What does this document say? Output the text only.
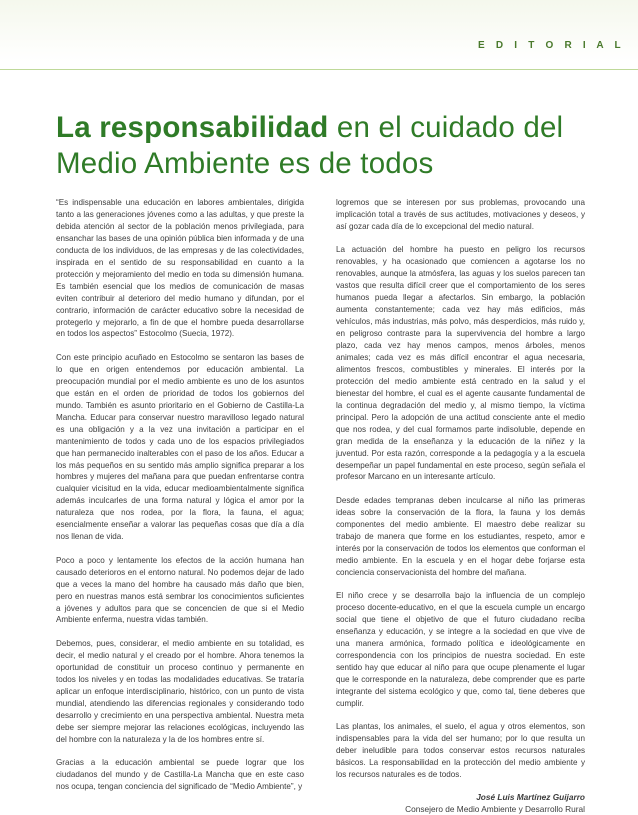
E D I T O R I A L
La responsabilidad en el cuidado del Medio Ambiente es de todos

“Es indispensable una educación en labores ambientales, dirigida tanto a las generaciones jóvenes como a las adultas, y que preste la debida atención al sector de la población menos privilegiada, para ensanchar las bases de una opinión pública bien informada y de una conducta de los individuos, de las empresas y de las colectividades, inspirada en el sentido de su responsabilidad en cuanto a la protección y mejoramiento del medio en toda su dimensión humana. Es también esencial que los medios de comunicación de masas eviten contribuir al deterioro del medio humano y difundan, por el contrario, información de carácter educativo sobre la necesidad de protegerlo y mejorarlo, a fin de que el hombre pueda desarrollarse en todos los aspectos” Estocolmo (Suecia, 1972).

Con este principio acuñado en Estocolmo se sentaron las bases de lo que en origen entendemos por educación ambiental. La preocupación mundial por el medio ambiente es uno de los asuntos que están en el orden de prioridad de todos los gobiernos del mundo. También es asunto prioritario en el Gobierno de Castilla-La Mancha. Educar para conservar nuestro maravilloso legado natural es una obligación y a la vez una invitación a participar en el mantenimiento de todos y cada uno de los espacios privilegiados que han permanecido inalterables con el paso de los años. Educar a los más pequeños en su sentido más amplio significa preparar a los hombres y mujeres del mañana para que puedan enfrentarse contra cualquier vicisitud en la vida, educar medioambientalmente significa además inculcarles de una forma natural y lógica el amor por la naturaleza que nos rodea, por la flora, la fauna, el agua; esencialmente enseñar a valorar las pequeñas cosas que día a día nos llenan de vida.

Poco a poco y lentamente los efectos de la acción humana han causado deterioros en el entorno natural. No podemos dejar de lado que a veces la mano del hombre ha causado más daño que bien, pero en nuestras manos está sembrar los conocimientos suficientes a jóvenes y adultos para que se concencien de que si el Medio Ambiente enferma, nuestra vidas también.

Debemos, pues, considerar, el medio ambiente en su totalidad, es decir, el medio natural y el creado por el hombre. Ahora tenemos la oportunidad de constituir un proceso continuo y permanente en todos los niveles y en todas las modalidades educativas. Se trataría aplicar un enfoque interdisciplinario, histórico, con un punto de vista mundial, atendiendo las diferencias regionales y considerando todo desarrollo y crecimiento en una perspectiva ambiental. Nuestra meta debe ser siempre mejorar las relaciones ecológicas, incluyendo las del hombre con la naturaleza y la de los hombres entre sí.

Gracias a la educación ambiental se puede lograr que los ciudadanos del mundo y de Castilla-La Mancha que en este caso nos ocupa, tengan conciencia del significado de “Medio Ambiente”, y

logremos que se interesen por sus problemas, provocando una implicación total a través de sus actitudes, motivaciones y deseos, y así gozar cada día de lo excepcional del medio natural.

La actuación del hombre ha puesto en peligro los recursos renovables, y ha ocasionado que comiencen a agotarse los no renovables, aunque la atmósfera, las aguas y los suelos parecen tan vastos que resulta difícil creer que el comportamiento de los seres humanos pueda llegar a afectarlos. Sin embargo, la población aumenta constantemente; cada vez hay más edificios, más vehículos, más industrias, más polvo, más desperdicios, más ruido y, en peligroso contraste para la supervivencia del hombre a largo plazo, cada vez hay menos campos, menos árboles, menos animales; cada vez es más difícil encontrar el agua necesaria, alimentos frescos, combustibles y minerales. El interés por la protección del medio ambiente está centrado en la salud y el bienestar del hombre, el cual es el agente causante fundamental de la continua degradación del medio y, al mismo tiempo, la víctima principal. Pero la adopción de una actitud consciente ante el medio que nos rodea, y del cual formamos parte indisoluble, depende en gran medida de la enseñanza y la educación de la niñez y la juventud. Por esta razón, corresponde a la pedagogía y a la escuela desempeñar un papel fundamental en este proceso, según señala el profesor Marcano en un interesante artículo.

Desde edades tempranas deben inculcarse al niño las primeras ideas sobre la conservación de la flora, la fauna y los demás componentes del medio ambiente. El maestro debe realizar su trabajo de manera que forme en los estudiantes, respeto, amor e interés por la conservación de todos los elementos que conforman el medio ambiente. En la escuela y en el hogar debe forjarse esta conciencia conservacionista del hombre del mañana.

El niño crece y se desarrolla bajo la influencia de un complejo proceso docente-educativo, en el que la escuela cumple un encargo social que tiene el objetivo de que el futuro ciudadano reciba enseñanza y educación, y se integre a la sociedad en que vive de una manera armónica, formado política e ideológicamente en correspondencia con los principios de nuestra sociedad. En este sentido hay que educar al niño para que ocupe plenamente el lugar que le corresponde en la naturaleza, debe comprender que es parte integrante del sistema ecológico y que, como tal, tiene deberes que cumplir.

Las plantas, los animales, el suelo, el agua y otros elementos, son indispensables para la vida del ser humano; por lo que resulta un deber ineludible para todos conservar estos recursos naturales básicos. La responsabilidad en la protección del medio ambiente y los recursos naturales es de todos.

José Luis Martínez Guijarro
Consejero de Medio Ambiente y Desarrollo Rural
